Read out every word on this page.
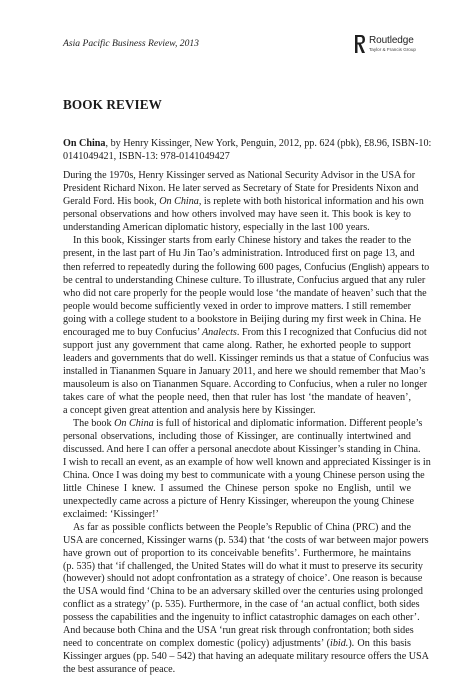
Asia Pacific Business Review, 2013	Routledge
Taylor & Francis Group
BOOK REVIEW
On China, by Henry Kissinger, New York, Penguin, 2012, pp. 624 (pbk), £8.96, ISBN-10:
0141049421, ISBN-13: 978-0141049427
During the 1970s, Henry Kissinger served as National Security Advisor in the USA for
President Richard Nixon. He later served as Secretary of State for Presidents Nixon and
Gerald Ford. His book, On China, is replete with both historical information and his own
personal observations and how others involved may have seen it. This book is key to
understanding American diplomatic history, especially in the last 100 years.
In this book, Kissinger starts from early Chinese history and takes the reader to the
present, in the last part of Hu Jin Tao’s administration. Introduced first on page 13, and
then referred to repeatedly during the following 600 pages, Confucius (English) appears to
be central to understanding Chinese culture. To illustrate, Confucius argued that any ruler
who did not care properly for the people would lose ‘the mandate of heaven’ such that the
people would become sufficiently vexed in order to improve matters. I still remember
going with a college student to a bookstore in Beijing during my first week in China. He
encouraged me to buy Confucius’ Analects. From this I recognized that Confucius did not
support just any government that came along. Rather, he exhorted people to support
leaders and governments that do well. Kissinger reminds us that a statue of Confucius was
installed in Tiananmen Square in January 2011, and here we should remember that Mao’s
mausoleum is also on Tiananmen Square. According to Confucius, when a ruler no longer
takes care of what the people need, then that ruler has lost ‘the mandate of heaven’,
a concept given great attention and analysis here by Kissinger.
The book On China is full of historical and diplomatic information. Different people’s
personal observations, including those of Kissinger, are continually intertwined and
discussed. And here I can offer a personal anecdote about Kissinger’s standing in China.
I wish to recall an event, as an example of how well known and appreciated Kissinger is in
China. Once I was doing my best to communicate with a young Chinese person using the
little Chinese I knew. I assumed the Chinese person spoke no English, until we
unexpectedly came across a picture of Henry Kissinger, whereupon the young Chinese
exclaimed: ‘Kissinger!’
As far as possible conflicts between the People’s Republic of China (PRC) and the
USA are concerned, Kissinger warns (p. 534) that ‘the costs of war between major powers
have grown out of proportion to its conceivable benefits’. Furthermore, he maintains
(p. 535) that ‘if challenged, the United States will do what it must to preserve its security
(however) should not adopt confrontation as a strategy of choice’. One reason is because
the USA would find ‘China to be an adversary skilled over the centuries using prolonged
conflict as a strategy’ (p. 535). Furthermore, in the case of ‘an actual conflict, both sides
possess the capabilities and the ingenuity to inflict catastrophic damages on each other’.
And because both China and the USA ‘run great risk through confrontation; both sides
need to concentrate on complex domestic (policy) adjustments’ (ibid.). On this basis
Kissinger argues (pp. 540 – 542) that having an adequate military resource offers the USA
the best assurance of peace.
